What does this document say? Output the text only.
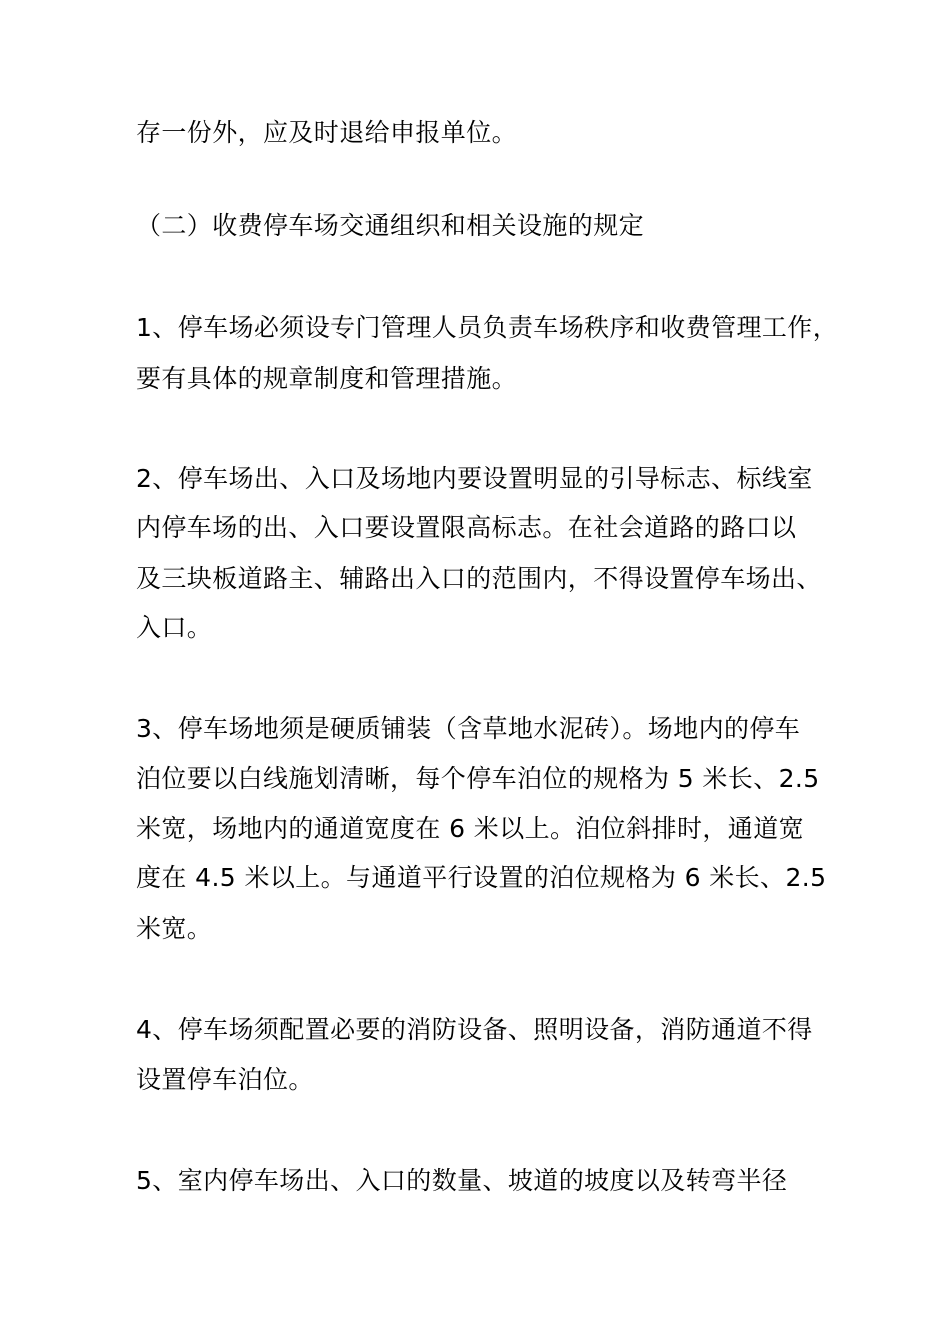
存一份外，应及时退给申报单位。
（二）收费停车场交通组织和相关设施的规定
1、停车场必须设专门管理人员负责车场秩序和收费管理工作，
要有具体的规章制度和管理措施。
2、停车场出、入口及场地内要设置明显的引导标志、标线室
内停车场的出、入口要设置限高标志。在社会道路的路口以
及三块板道路主、辅路出入口的范围内，不得设置停车场出、
入口。
3、停车场地须是硬质铺装（含草地水泥砖）。场地内的停车
泊位要以白线施划清晰，每个停车泊位的规格为 5 米长、2.5
米宽，场地内的通道宽度在 6 米以上。泊位斜排时，通道宽
度在 4.5 米以上。与通道平行设置的泊位规格为 6 米长、2.5
米宽。
4、停车场须配置必要的消防设备、照明设备，消防通道不得
设置停车泊位。
5、室内停车场出、入口的数量、坡道的坡度以及转弯半径
